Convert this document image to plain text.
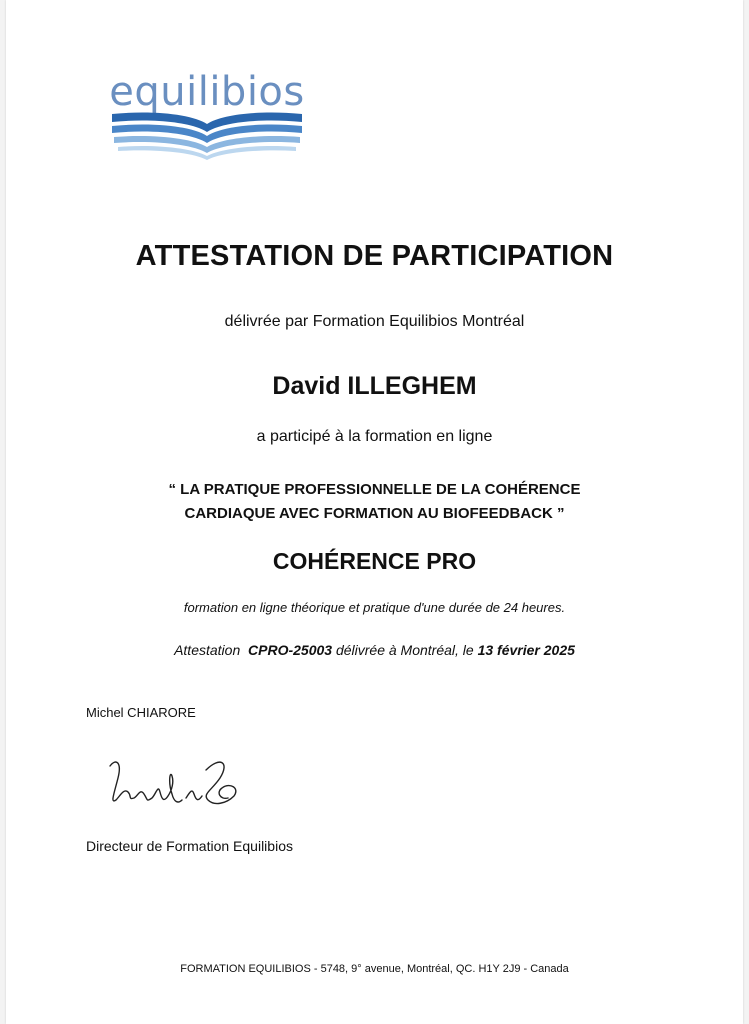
equilibios
ATTESTATION DE PARTICIPATION
délivrée par Formation Equilibios Montréal
David ILLEGHEM
a participé à la formation en ligne
“ LA PRATIQUE PROFESSIONNELLE DE LA COHÉRENCE
CARDIAQUE AVEC FORMATION AU BIOFEEDBACK ”
COHÉRENCE PRO
formation en ligne théorique et pratique d'une durée de 24 heures.
Attestation CPRO-25003 délivrée à Montréal, le 13 février 2025
Michel CHIARORE
Directeur de Formation Equilibios
FORMATION EQUILIBIOS - 5748, 9° avenue, Montréal, QC. H1Y 2J9 - Canada
